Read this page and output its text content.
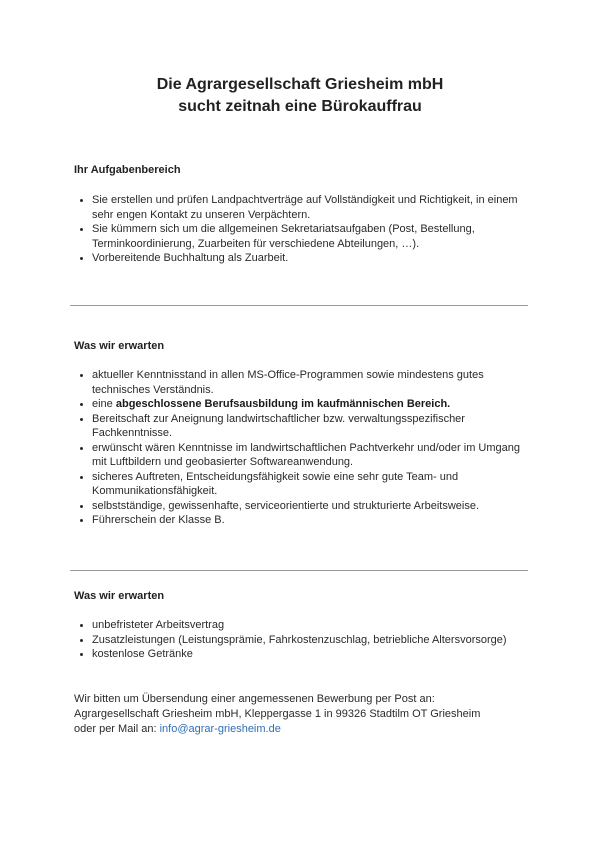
Die Agrargesellschaft Griesheim mbH
sucht zeitnah eine Bürokauffrau
Ihr Aufgabenbereich
• Sie erstellen und prüfen Landpachtverträge auf Vollständigkeit und Richtigkeit, in einem sehr engen Kontakt zu unseren Verpächtern.
• Sie kümmern sich um die allgemeinen Sekretariatsaufgaben (Post, Bestellung, Terminkoordinierung, Zuarbeiten für verschiedene Abteilungen, …).
• Vorbereitende Buchhaltung als Zuarbeit.
Was wir erwarten
• aktueller Kenntnisstand in allen MS-Office-Programmen sowie mindestens gutes technisches Verständnis.
• eine abgeschlossene Berufsausbildung im kaufmännischen Bereich.
• Bereitschaft zur Aneignung landwirtschaftlicher bzw. verwaltungsspezifischer Fachkenntnisse.
• erwünscht wären Kenntnisse im landwirtschaftlichen Pachtverkehr und/oder im Umgang mit Luftbildern und geobasierter Softwareanwendung.
• sicheres Auftreten, Entscheidungsfähigkeit sowie eine sehr gute Team- und Kommunikationsfähigkeit.
• selbstständige, gewissenhafte, serviceorientierte und strukturierte Arbeitsweise.
• Führerschein der Klasse B.
Was wir erwarten
• unbefristeter Arbeitsvertrag
• Zusatzleistungen (Leistungsprämie, Fahrkostenzuschlag, betriebliche Altersvorsorge)
• kostenlose Getränke
Wir bitten um Übersendung einer angemessenen Bewerbung per Post an:
Agrargesellschaft Griesheim mbH, Kleppergasse 1 in 99326 Stadtilm OT Griesheim
oder per Mail an: info@agrar-griesheim.de
